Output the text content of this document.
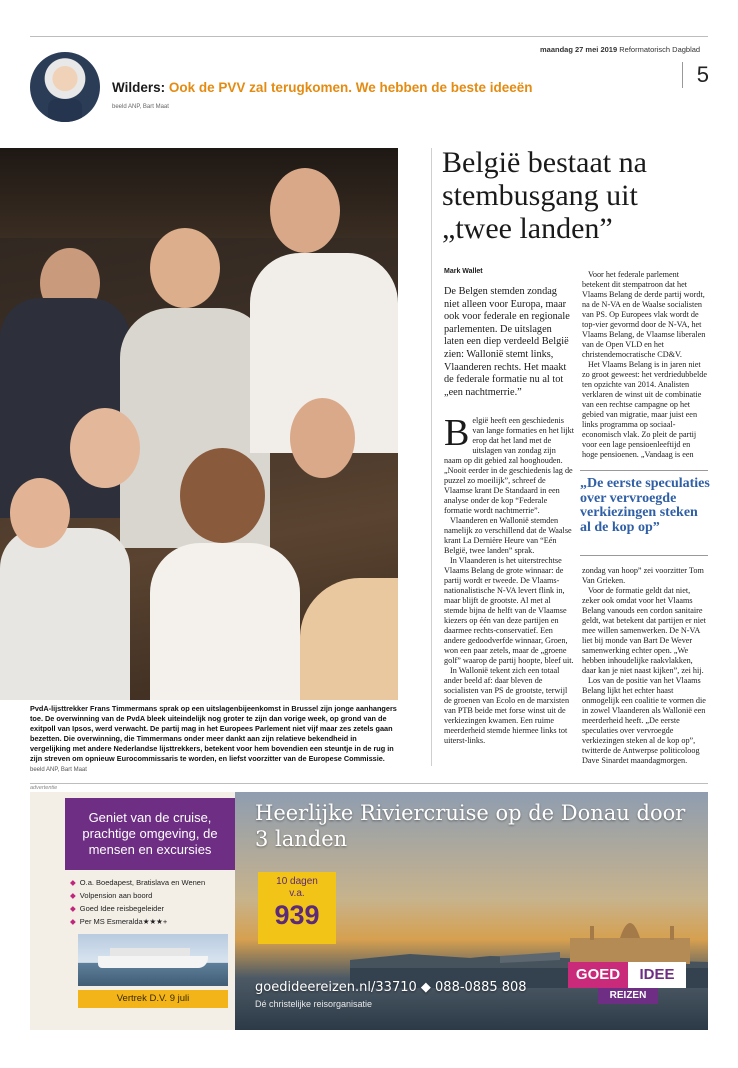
maandag 27 mei 2019 Reformatorisch Dagblad
5
Wilders: Ook de PVV zal terugkomen. We hebben de beste ideeën
beeld ANP, Bart Maat
PvdA-lijsttrekker Frans Timmermans sprak op een uitslagenbijeenkomst in Brussel zijn jonge aanhangers toe. De overwinning van de PvdA bleek uiteindelijk nog groter te zijn dan vorige week, op grond van de exitpoll van Ipsos, werd verwacht. De partij mag in het Europees Parlement niet vijf maar zes zetels gaan bezetten. Die overwinning, die Timmermans onder meer dankt aan zijn relatieve bekendheid in vergelijking met andere Nederlandse lijsttrekkers, betekent voor hem bovendien een steuntje in de rug in zijn streven om opnieuw Eurocommissaris te worden, en liefst voorzitter van de Europese Commissie. beeld ANP, Bart Maat
België bestaat na stembusgang uit „twee landen”
Mark Wallet
De Belgen stemden zondag niet alleen voor Europa, maar ook voor federale en regionale parlementen. De uitslagen laten een diep verdeeld België zien: Wallonië stemt links, Vlaanderen rechts. Het maakt de federale formatie nu al tot „een nachtmerrie.”

België heeft een geschiedenis van lange formaties en het lijkt erop dat het land met de uitslagen van zondag zijn naam op dit gebied zal hooghouden. „Nooit eerder in de geschiedenis lag de puzzel zo moeilijk”, schreef de Vlaamse krant De Standaard in een analyse onder de kop “Federale formatie wordt nachtmerrie”.

Vlaanderen en Wallonië stemden namelijk zo verschillend dat de Waalse krant La Dernière Heure van “Eén België, twee landen” sprak.

In Vlaanderen is het uiterstrechtse Vlaams Belang de grote winnaar: de partij wordt er tweede. De Vlaams-nationalistische N-VA levert flink in, maar blijft de grootste. Al met al stemde bijna de helft van de Vlaamse kiezers op één van deze partijen en daarmee rechts-conservatief. Een andere gedoodverfde winnaar, Groen, won een paar zetels, maar de „groene golf” waarop de partij hoopte, bleef uit.

In Wallonië tekent zich een totaal ander beeld af: daar bleven de socialisten van PS de grootste, terwijl de groenen van Ecolo en de marxisten van PTB beide met forse winst uit de verkiezingen kwamen. Een ruime meerderheid stemde hiermee links tot uiterst-links.

Voor het federale parlement betekent dit stempatroon dat het Vlaams Belang de derde partij wordt, na de N-VA en de Waalse socialisten van PS. Op Europees vlak wordt de top-vier gevormd door de N-VA, het Vlaams Belang, de Vlaamse liberalen van de Open VLD en het christendemocratische CD&V.

Het Vlaams Belang is in jaren niet zo groot geweest: het verdriedubbelde ten opzichte van 2014. Analisten verklaren de winst uit de combinatie van een rechtse campagne op het gebied van migratie, maar juist een links programma op sociaal-economisch vlak. Zo pleit de partij voor een lage pensioenleeftijd en hoge pensioenen. „Vandaag is een

„De eerste speculaties over vervroegde verkiezingen steken al de kop op”

zondag van hoop” zei voorzitter Tom Van Grieken.

Voor de formatie geldt dat niet, zeker ook omdat voor het Vlaams Belang vanouds een cordon sanitaire geldt, wat betekent dat partijen er niet mee willen samenwerken. De N-VA liet bij monde van Bart De Wever samenwerking echter open. „We hebben inhoudelijke raakvlakken, daar kan je niet naast kijken”, zei hij.

Los van de positie van het Vlaams Belang lijkt het echter haast onmogelijk een coalitie te vormen die in zowel Vlaanderen als Wallonië een meerderheid heeft. „De eerste speculaties over vervroegde verkiezingen steken al de kop op”, twitterde de Antwerpse politicoloog Dave Sinardet maandagmorgen.

advertentie
Geniet van de cruise, prachtige omgeving, de mensen en excursies
◆ O.a. Boedapest, Bratislava en Wenen
◆ Volpension aan boord
◆ Goed Idee reisbegeleider
◆ Per MS Esmeralda★★★+
Vertrek D.V. 9 juli
Heerlijke Riviercruise op de Donau door 3 landen
10 dagen
v.a.
939
goedideereizen.nl/33710 ◆ 088-0885 808
Dé christelijke reisorganisatie
GOED	IDEE
REIZEN
